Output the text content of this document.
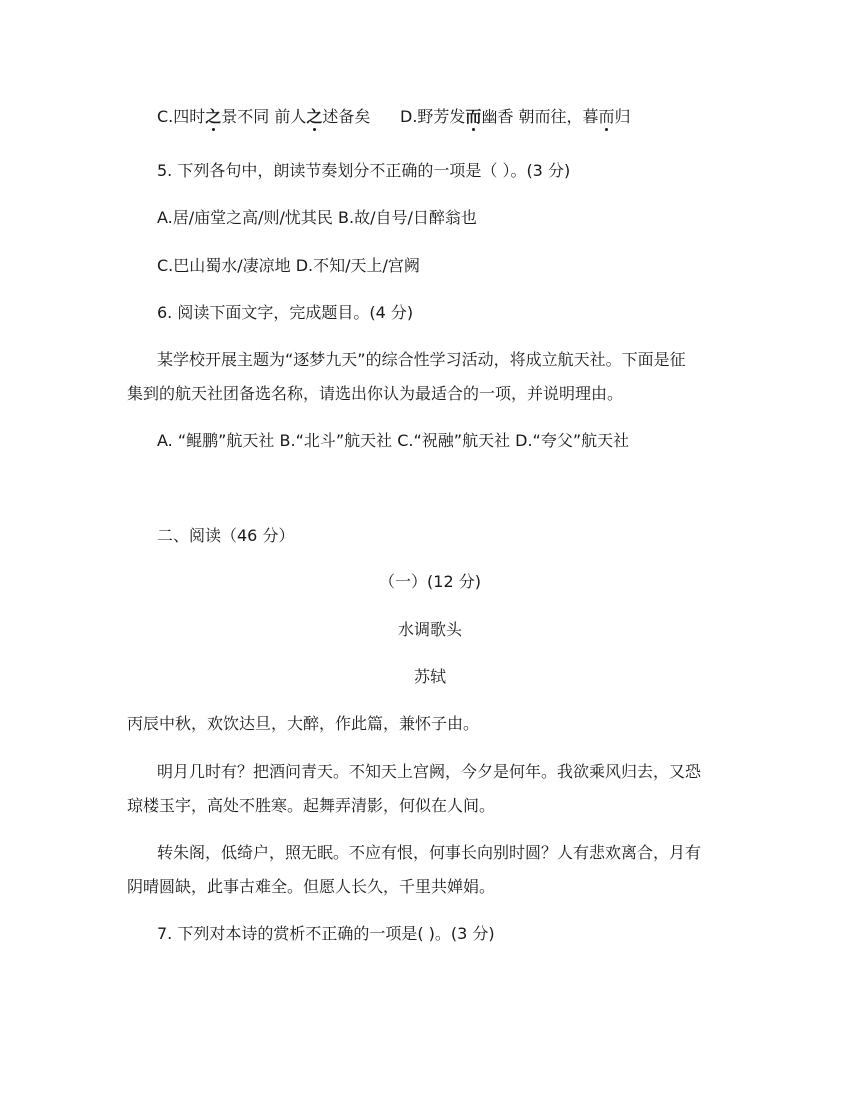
C.四时之景不同 前人之述备矣 D.野芳发而幽香 朝而往，暮而归
5. 下列各句中，朗读节奏划分不正确的一项是（ ）。(3 分)
A.居/庙堂之高/则/忧其民 B.故/自号/日醉翁也
C.巴山蜀水/凄凉地 D.不知/天上/宫阙
6. 阅读下面文字，完成题目。(4 分)
某学校开展主题为“逐梦九天”的综合性学习活动，将成立航天社。下面是征
集到的航天社团备选名称，请选出你认为最适合的一项，并说明理由。
A. “鲲鹏”航天社 B.“北斗”航天社 C.“祝融”航天社 D.“夸父”航天社
二、阅读（46 分）
（一）(12 分)
水调歌头
苏轼
丙辰中秋，欢饮达旦，大醉，作此篇，兼怀子由。
明月几时有？把酒问青天。不知天上宫阙，今夕是何年。我欲乘风归去，又恐
琼楼玉宇，高处不胜寒。起舞弄清影，何似在人间。
转朱阁，低绮户，照无眠。不应有恨，何事长向别时圆？人有悲欢离合，月有
阴晴圆缺，此事古难全。但愿人长久，千里共婵娟。
7. 下列对本诗的赏析不正确的一项是( )。(3 分)
